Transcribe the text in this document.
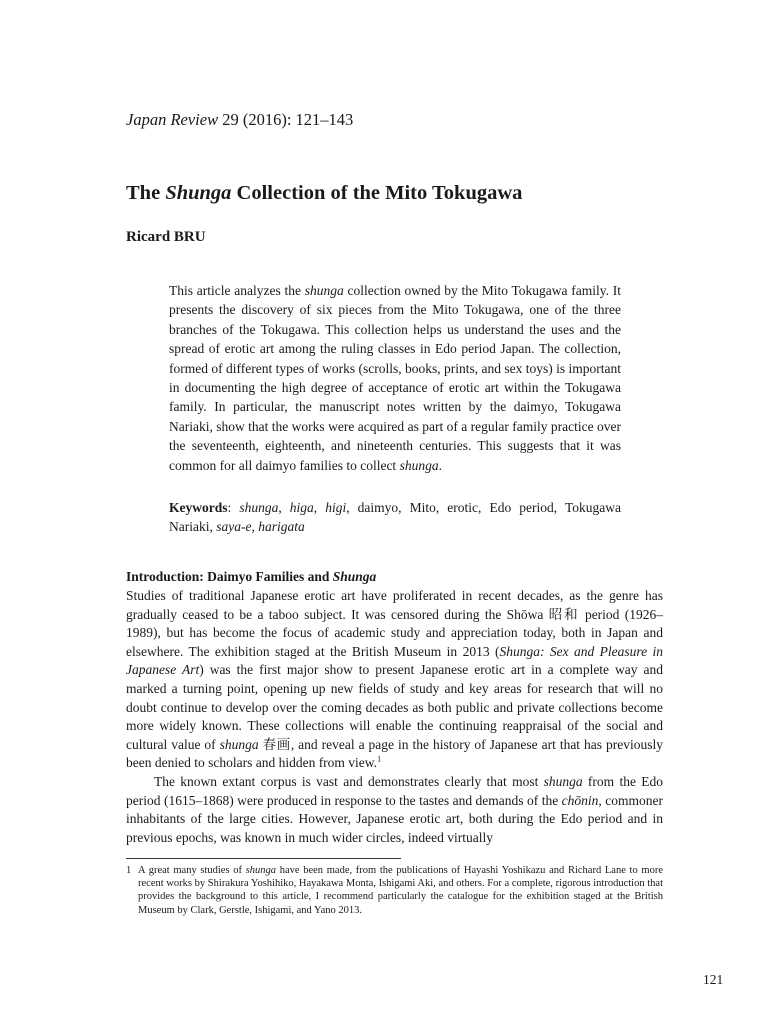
Japan Review 29 (2016): 121–143
The Shunga Collection of the Mito Tokugawa
Ricard BRU

This article analyzes the shunga collection owned by the Mito Tokugawa family. It presents the discovery of six pieces from the Mito Tokugawa, one of the three branches of the Tokugawa. This collection helps us understand the uses and the spread of erotic art among the ruling classes in Edo period Japan. The collection, formed of different types of works (scrolls, books, prints, and sex toys) is important in documenting the high degree of acceptance of erotic art within the Tokugawa family. In particular, the manuscript notes written by the daimyo, Tokugawa Nariaki, show that the works were acquired as part of a regular family practice over the seventeenth, eighteenth, and nineteenth centuries. This suggests that it was common for all daimyo families to collect shunga.

Keywords: shunga, higa, higi, daimyo, Mito, erotic, Edo period, Tokugawa Nariaki, saya-e, harigata
Introduction: Daimyo Families and Shunga

Studies of traditional Japanese erotic art have proliferated in recent decades, as the genre has gradually ceased to be a taboo subject. It was censored during the Shōwa 昭和 period (1926–1989), but has become the focus of academic study and appreciation today, both in Japan and elsewhere. The exhibition staged at the British Museum in 2013 (Shunga: Sex and Pleasure in Japanese Art) was the first major show to present Japanese erotic art in a complete way and marked a turning point, opening up new fields of study and key areas for research that will no doubt continue to develop over the coming decades as both public and private collections become more widely known. These collections will enable the continuing reappraisal of the social and cultural value of shunga 春画, and reveal a page in the history of Japanese art that has previously been denied to scholars and hidden from view.$^1$

The known extant corpus is vast and demonstrates clearly that most shunga from the Edo period (1615–1868) were produced in response to the tastes and demands of the chōnin, commoner inhabitants of the large cities. However, Japanese erotic art, both during the Edo period and in previous epochs, was known in much wider circles, indeed virtually

1 A great many studies of shunga have been made, from the publications of Hayashi Yoshikazu and Richard Lane to more recent works by Shirakura Yoshihiko, Hayakawa Monta, Ishigami Aki, and others. For a complete, rigorous introduction that provides the background to this article, I recommend particularly the catalogue for the exhibition staged at the British Museum by Clark, Gerstle, Ishigami, and Yano 2013.
121
